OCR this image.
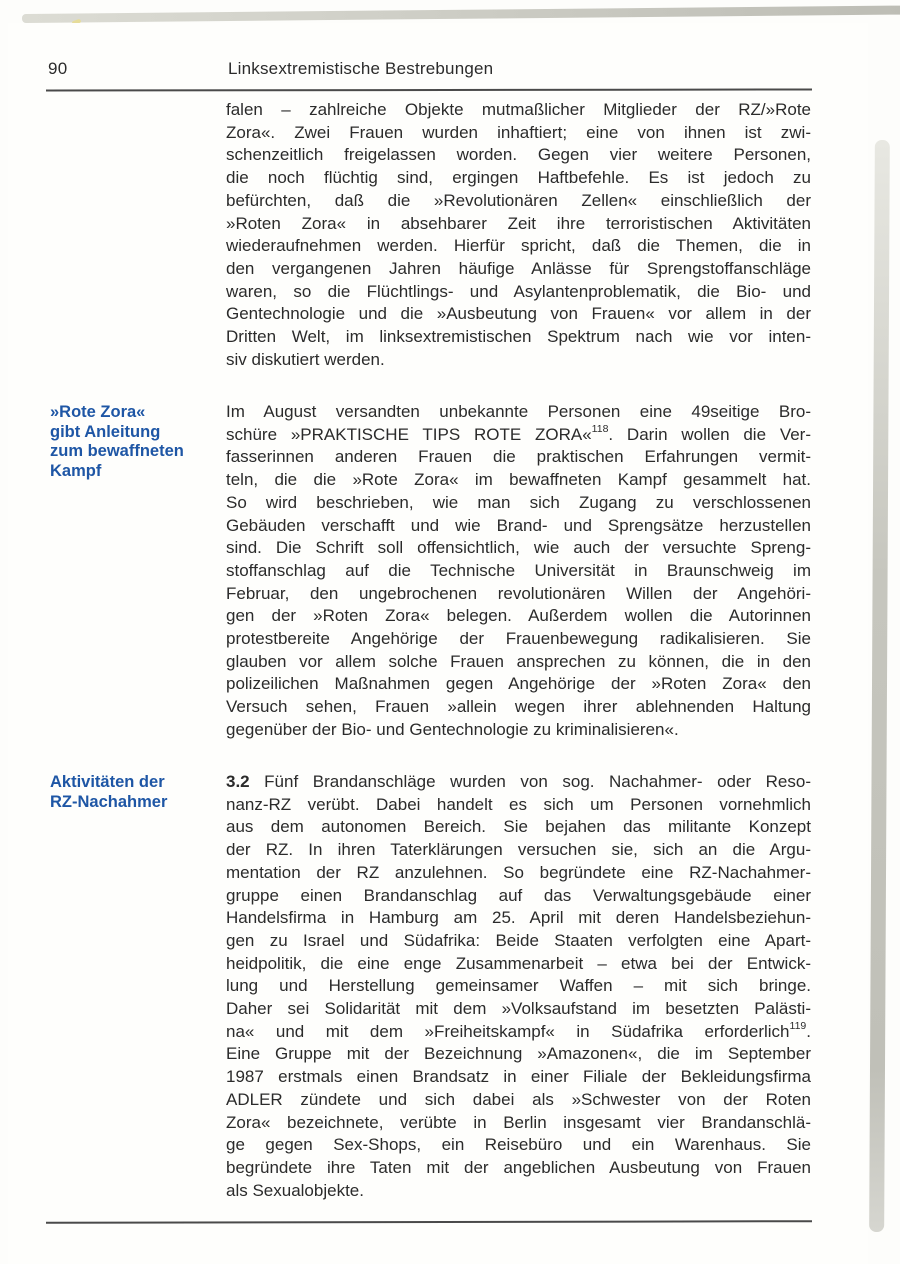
90	Linksextremistische Bestrebungen
»Rote Zora«
gibt Anleitung
zum bewaffneten
Kampf
Aktivitäten der
RZ-Nachahmer
falen – zahlreiche Objekte mutmaßlicher Mitglieder der RZ/»Rote
Zora«. Zwei Frauen wurden inhaftiert; eine von ihnen ist zwi-
schenzeitlich freigelassen worden. Gegen vier weitere Personen,
die noch flüchtig sind, ergingen Haftbefehle. Es ist jedoch zu
befürchten, daß die »Revolutionären Zellen« einschließlich der
»Roten Zora« in absehbarer Zeit ihre terroristischen Aktivitäten
wiederaufnehmen werden. Hierfür spricht, daß die Themen, die in
den vergangenen Jahren häufige Anlässe für Sprengstoffanschläge
waren, so die Flüchtlings- und Asylantenproblematik, die Bio- und
Gentechnologie und die »Ausbeutung von Frauen« vor allem in der
Dritten Welt, im linksextremistischen Spektrum nach wie vor inten-
siv diskutiert werden.
Im August versandten unbekannte Personen eine 49seitige Bro-
schüre »PRAKTISCHE TIPS ROTE ZORA«$^{118}$. Darin wollen die Ver-
fasserinnen anderen Frauen die praktischen Erfahrungen vermit-
teln, die die »Rote Zora« im bewaffneten Kampf gesammelt hat.
So wird beschrieben, wie man sich Zugang zu verschlossenen
Gebäuden verschafft und wie Brand- und Sprengsätze herzustellen
sind. Die Schrift soll offensichtlich, wie auch der versuchte Spreng-
stoffanschlag auf die Technische Universität in Braunschweig im
Februar, den ungebrochenen revolutionären Willen der Angehöri-
gen der »Roten Zora« belegen. Außerdem wollen die Autorinnen
protestbereite Angehörige der Frauenbewegung radikalisieren. Sie
glauben vor allem solche Frauen ansprechen zu können, die in den
polizeilichen Maßnahmen gegen Angehörige der »Roten Zora« den
Versuch sehen, Frauen »allein wegen ihrer ablehnenden Haltung
gegenüber der Bio- und Gentechnologie zu kriminalisieren«.
3.2 Fünf Brandanschläge wurden von sog. Nachahmer- oder Reso-
nanz-RZ verübt. Dabei handelt es sich um Personen vornehmlich
aus dem autonomen Bereich. Sie bejahen das militante Konzept
der RZ. In ihren Taterklärungen versuchen sie, sich an die Argu-
mentation der RZ anzulehnen. So begründete eine RZ-Nachahmer-
gruppe einen Brandanschlag auf das Verwaltungsgebäude einer
Handelsfirma in Hamburg am 25. April mit deren Handelsbeziehun-
gen zu Israel und Südafrika: Beide Staaten verfolgten eine Apart-
heidpolitik, die eine enge Zusammenarbeit – etwa bei der Entwick-
lung und Herstellung gemeinsamer Waffen – mit sich bringe.
Daher sei Solidarität mit dem »Volksaufstand im besetzten Palästi-
na« und mit dem »Freiheitskampf« in Südafrika erforderlich$^{119}$.
Eine Gruppe mit der Bezeichnung »Amazonen«, die im September
1987 erstmals einen Brandsatz in einer Filiale der Bekleidungsfirma
ADLER zündete und sich dabei als »Schwester von der Roten
Zora« bezeichnete, verübte in Berlin insgesamt vier Brandanschlä-
ge gegen Sex-Shops, ein Reisebüro und ein Warenhaus. Sie
begründete ihre Taten mit der angeblichen Ausbeutung von Frauen
als Sexualobjekte.
